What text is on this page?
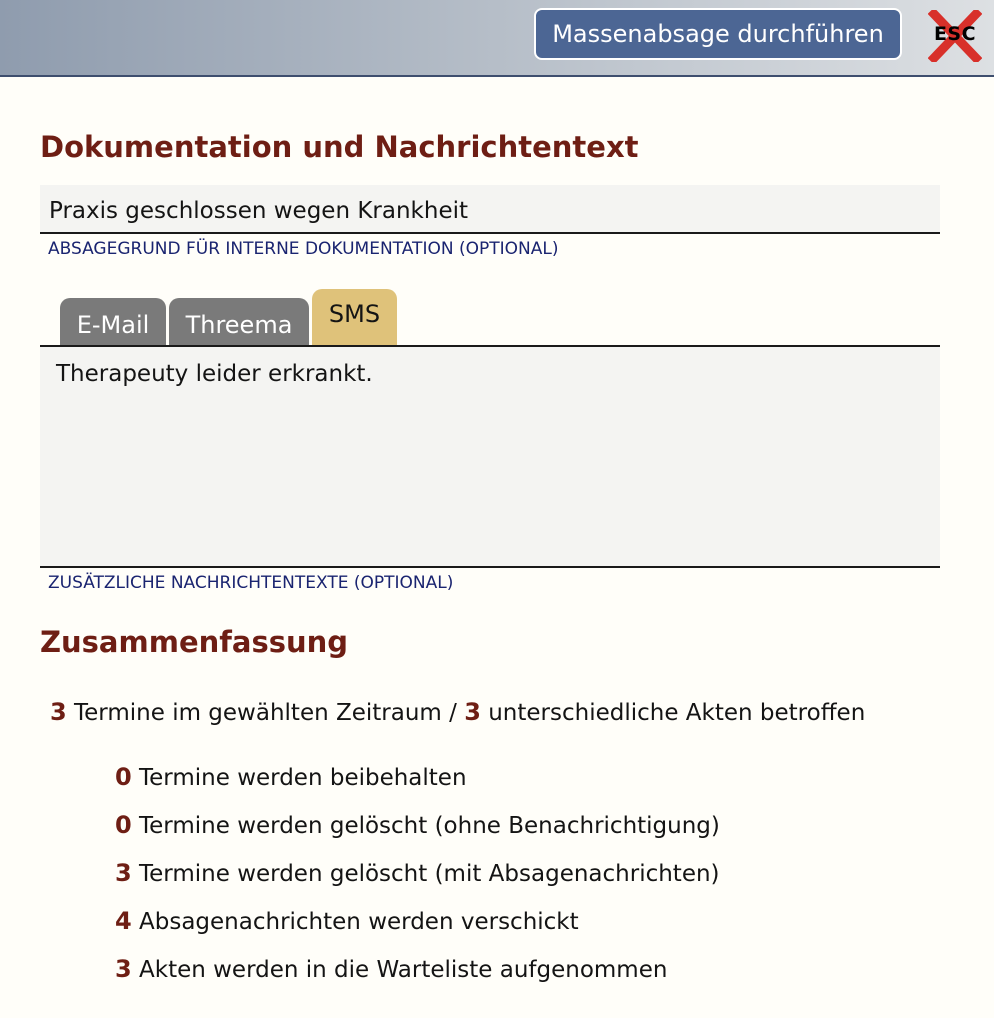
Massenabsage durchführen	ESC
Dokumentation und Nachrichtentext
Praxis geschlossen wegen Krankheit
ABSAGEGRUND FÜR INTERNE DOKUMENTATION (OPTIONAL)
E-Mail	Threema	SMS
Therapeuty leider erkrankt.
ZUSÄTZLICHE NACHRICHTENTEXTE (OPTIONAL)
Zusammenfassung
3 Termine im gewählten Zeitraum / 3 unterschiedliche Akten betroffen
0 Termine werden beibehalten
0 Termine werden gelöscht (ohne Benachrichtigung)
3 Termine werden gelöscht (mit Absagenachrichten)
4 Absagenachrichten werden verschickt
3 Akten werden in die Warteliste aufgenommen
